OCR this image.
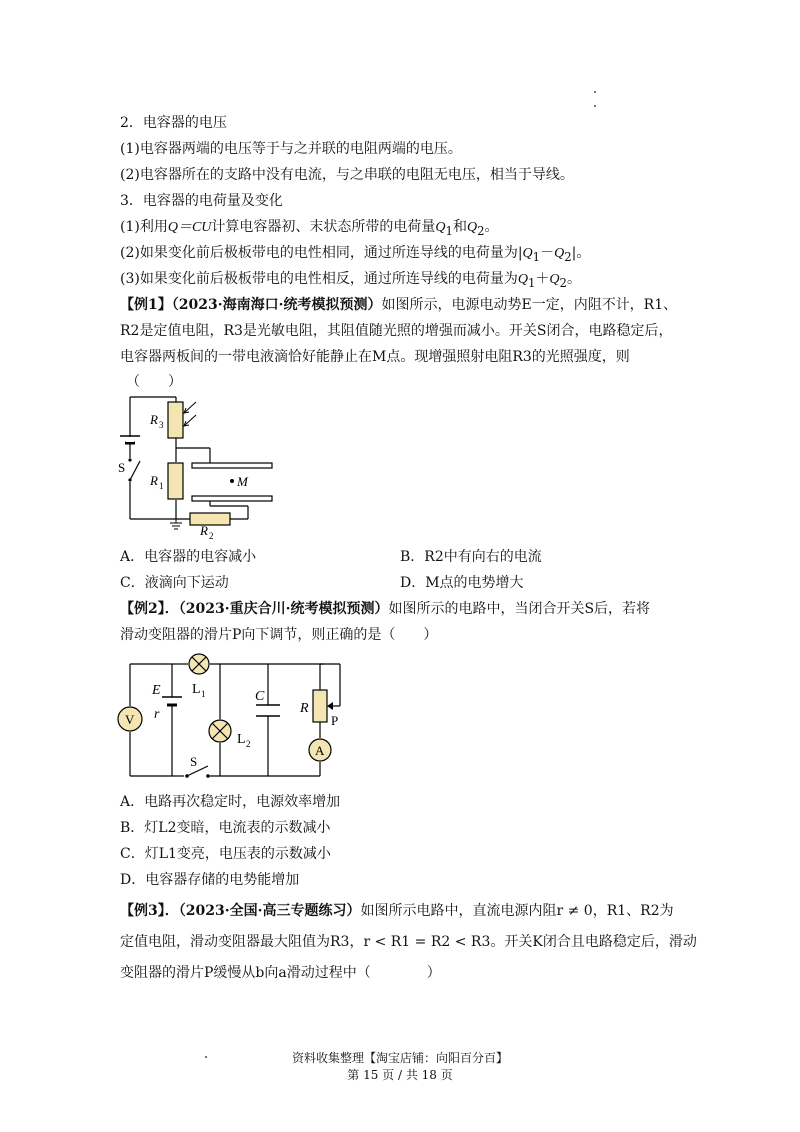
2．电容器的电压
(1)电容器两端的电压等于与之并联的电阻两端的电压。
(2)电容器所在的支路中没有电流，与之串联的电阻无电压，相当于导线。
3．电容器的电荷量及变化
(1)利用Q＝CU计算电容器初、末状态所带的电荷量$Q_1$和$Q_2$。
(2)如果变化前后极板带电的电性相同，通过所连导线的电荷量为$|Q_1-Q_2|$。
(3)如果变化前后极板带电的电性相反，通过所连导线的电荷量为$Q_1+Q_2$。
【例1】（2023·海南海口·统考模拟预测）如图所示，电源电动势E一定，内阻不计，R1、
R2是定值电阻，R3是光敏电阻，其阻值随光照的增强而减小。开关S闭合，电路稳定后，
电容器两板间的一带电液滴恰好能静止在M点。现增强照射电阻R3的光照强度，则
（　　）
R 3
R 1
R 2
S
M
A．电容器的电容减小	B．R2中有向右的电流
C．液滴向下运动	D．M点的电势增大
【例2】．（2023·重庆合川·统考模拟预测）如图所示的电路中，当闭合开关S后，若将
滑动变阻器的滑片P向下调节，则正确的是（　　）
V
A
E
r
L 1
L 2
C
R
P
S
A．电路再次稳定时，电源效率增加
B．灯L2变暗，电流表的示数减小
C．灯L1变亮，电压表的示数减小
D．电容器存储的电势能增加
【例3】．（2023·全国·高三专题练习）如图所示电路中，直流电源内阻r ≠ 0，R1、R2为
定值电阻，滑动变阻器最大阻值为R3，r < R1 = R2 < R3。开关K闭合且电路稳定后，滑动
变阻器的滑片P缓慢从b向a滑动过程中（　　　　）
资料收集整理【淘宝店铺：向阳百分百】
第 15 页 / 共 18 页
